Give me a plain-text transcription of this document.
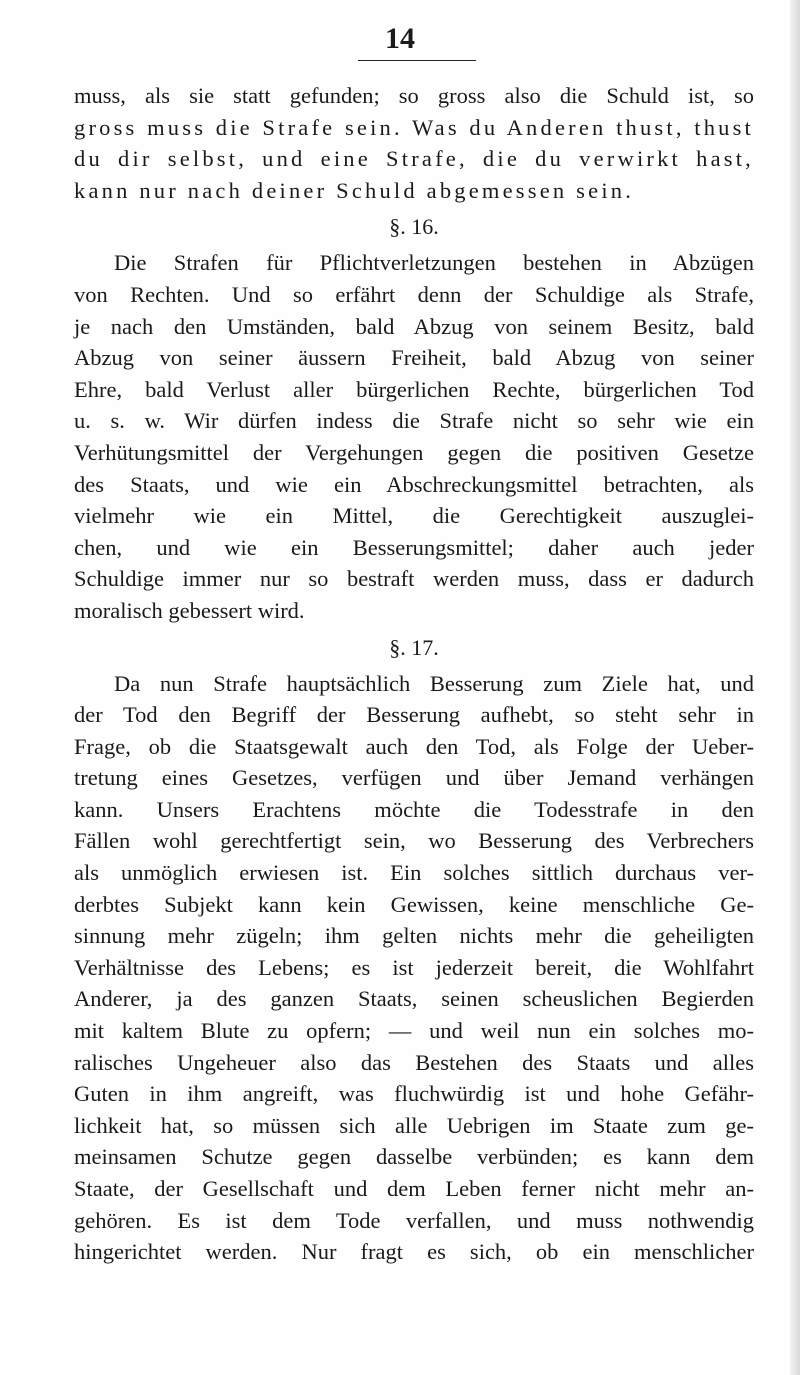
14
muss, als sie statt gefunden; so gross also die Schuld ist, so
gross muss die Strafe sein. Was du Anderen thust, thust
du dir selbst, und eine Strafe, die du verwirkt hast,
kann nur nach deiner Schuld abgemessen sein.
§. 16.
Die Strafen für Pflichtverletzungen bestehen in Abzügen
von Rechten. Und so erfährt denn der Schuldige als Strafe,
je nach den Umständen, bald Abzug von seinem Besitz, bald
Abzug von seiner äussern Freiheit, bald Abzug von seiner
Ehre, bald Verlust aller bürgerlichen Rechte, bürgerlichen Tod
u. s. w. Wir dürfen indess die Strafe nicht so sehr wie ein
Verhütungsmittel der Vergehungen gegen die positiven Gesetze
des Staats, und wie ein Abschreckungsmittel betrachten, als
vielmehr wie ein Mittel, die Gerechtigkeit auszuglei-
chen, und wie ein Besserungsmittel; daher auch jeder
Schuldige immer nur so bestraft werden muss, dass er dadurch
moralisch gebessert wird.
§. 17.
Da nun Strafe hauptsächlich Besserung zum Ziele hat, und
der Tod den Begriff der Besserung aufhebt, so steht sehr in
Frage, ob die Staatsgewalt auch den Tod, als Folge der Ueber-
tretung eines Gesetzes, verfügen und über Jemand verhängen
kann. Unsers Erachtens möchte die Todesstrafe in den
Fällen wohl gerechtfertigt sein, wo Besserung des Verbrechers
als unmöglich erwiesen ist. Ein solches sittlich durchaus ver-
derbtes Subjekt kann kein Gewissen, keine menschliche Ge-
sinnung mehr zügeln; ihm gelten nichts mehr die geheiligten
Verhältnisse des Lebens; es ist jederzeit bereit, die Wohlfahrt
Anderer, ja des ganzen Staats, seinen scheuslichen Begierden
mit kaltem Blute zu opfern; — und weil nun ein solches mo-
ralisches Ungeheuer also das Bestehen des Staats und alles
Guten in ihm angreift, was fluchwürdig ist und hohe Gefähr-
lichkeit hat, so müssen sich alle Uebrigen im Staate zum ge-
meinsamen Schutze gegen dasselbe verbünden; es kann dem
Staate, der Gesellschaft und dem Leben ferner nicht mehr an-
gehören. Es ist dem Tode verfallen, und muss nothwendig
hingerichtet werden. Nur fragt es sich, ob ein menschlicher
